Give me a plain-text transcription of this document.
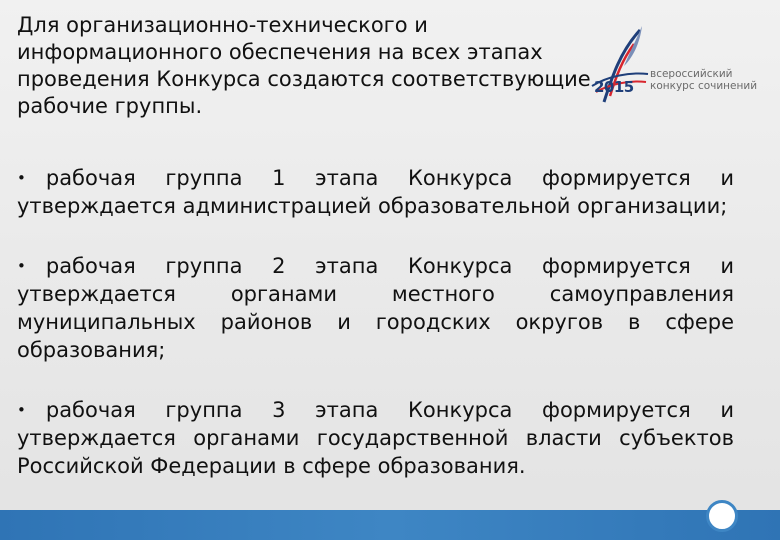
Для организационно-технического и
информационного обеспечения на всех этапах
проведения Конкурса создаются соответствующие
рабочие группы.
2015
всероссийский
конкурс сочинений
• рабочая группа 1 этапа Конкурса формируется и утверждается администрацией образовательной организации;
• рабочая группа 2 этапа Конкурса формируется и утверждается органами местного самоуправления муниципальных районов и городских округов в сфере образования;
• рабочая группа 3 этапа Конкурса формируется и утверждается органами государственной власти субъектов Российской Федерации в сфере образования.
